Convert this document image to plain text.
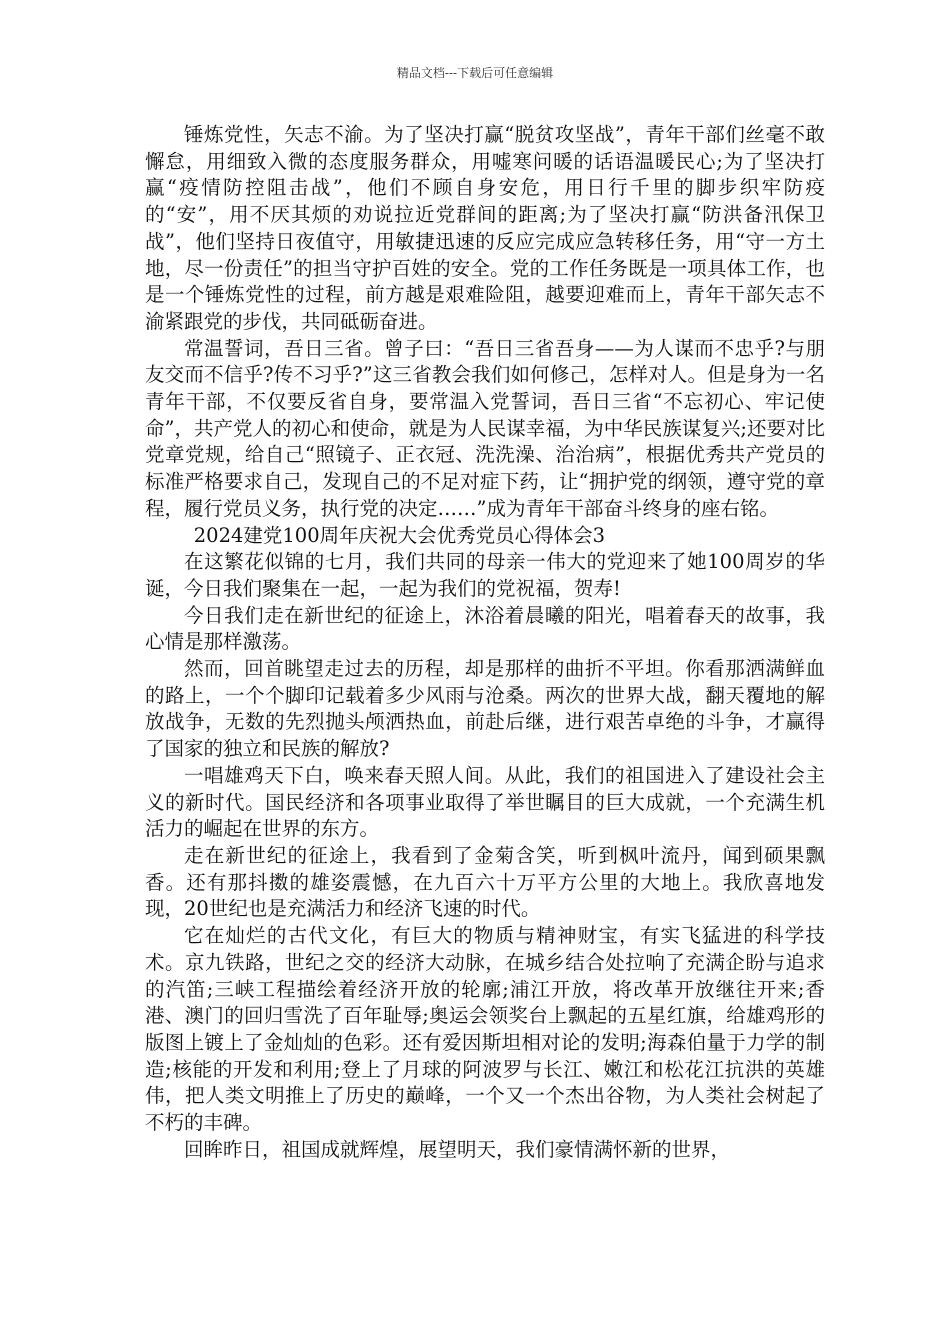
精品文档---下载后可任意编辑

锤炼党性，矢志不渝。为了坚决打赢“脱贫攻坚战”，青年干部们丝毫不敢懈怠，用细致入微的态度服务群众，用嘘寒问暖的话语温暖民心;为了坚决打赢“疫情防控阻击战”，他们不顾自身安危，用日行千里的脚步织牢防疫的“安”，用不厌其烦的劝说拉近党群间的距离;为了坚决打赢“防洪备汛保卫战”，他们坚持日夜值守，用敏捷迅速的反应完成应急转移任务，用“守一方土地，尽一份责任”的担当守护百姓的安全。党的工作任务既是一项具体工作，也是一个锤炼党性的过程，前方越是艰难险阻，越要迎难而上，青年干部矢志不渝紧跟党的步伐，共同砥砺奋进。

常温誓词，吾日三省。曾子曰：“吾日三省吾身——为人谋而不忠乎?与朋友交而不信乎?传不习乎?”这三省教会我们如何修己，怎样对人。但是身为一名青年干部，不仅要反省自身，要常温入党誓词，吾日三省“不忘初心、牢记使命”，共产党人的初心和使命，就是为人民谋幸福，为中华民族谋复兴;还要对比党章党规，给自己“照镜子、正衣冠、洗洗澡、治治病”，根据优秀共产党员的标准严格要求自己，发现自己的不足对症下药，让“拥护党的纲领，遵守党的章程，履行党员义务，执行党的决定……”成为青年干部奋斗终身的座右铭。

2024建党100周年庆祝大会优秀党员心得体会3

在这繁花似锦的七月，我们共同的母亲一伟大的党迎来了她100周岁的华诞，今日我们聚集在一起，一起为我们的党祝福，贺寿!

今日我们走在新世纪的征途上，沐浴着晨曦的阳光，唱着春天的故事，我心情是那样激荡。

然而，回首眺望走过去的历程，却是那样的曲折不平坦。你看那洒满鲜血的路上，一个个脚印记载着多少风雨与沧桑。两次的世界大战，翻天覆地的解放战争，无数的先烈抛头颅洒热血，前赴后继，进行艰苦卓绝的斗争，才赢得了国家的独立和民族的解放?

一唱雄鸡天下白，唤来春天照人间。从此，我们的祖国进入了建设社会主义的新时代。国民经济和各项事业取得了举世瞩目的巨大成就，一个充满生机活力的崛起在世界的东方。

走在新世纪的征途上，我看到了金菊含笑，听到枫叶流丹，闻到硕果飘香。还有那抖擞的雄姿震憾，在九百六十万平方公里的大地上。我欣喜地发现，20世纪也是充满活力和经济飞速的时代。

它在灿烂的古代文化，有巨大的物质与精神财宝，有实飞猛进的科学技术。京九铁路，世纪之交的经济大动脉，在城乡结合处拉响了充满企盼与追求的汽笛;三峡工程描绘着经济开放的轮廓;浦江开放，将改革开放继往开来;香港、澳门的回归雪洗了百年耻辱;奥运会领奖台上飘起的五星红旗，给雄鸡形的版图上镀上了金灿灿的色彩。还有爱因斯坦相对论的发明;海森伯量于力学的制造;核能的开发和利用;登上了月球的阿波罗与长江、嫩江和松花江抗洪的英雄伟，把人类文明推上了历史的巅峰，一个又一个杰出谷物，为人类社会树起了不朽的丰碑。

回眸昨日，祖国成就辉煌，展望明天，我们豪情满怀新的世界，
